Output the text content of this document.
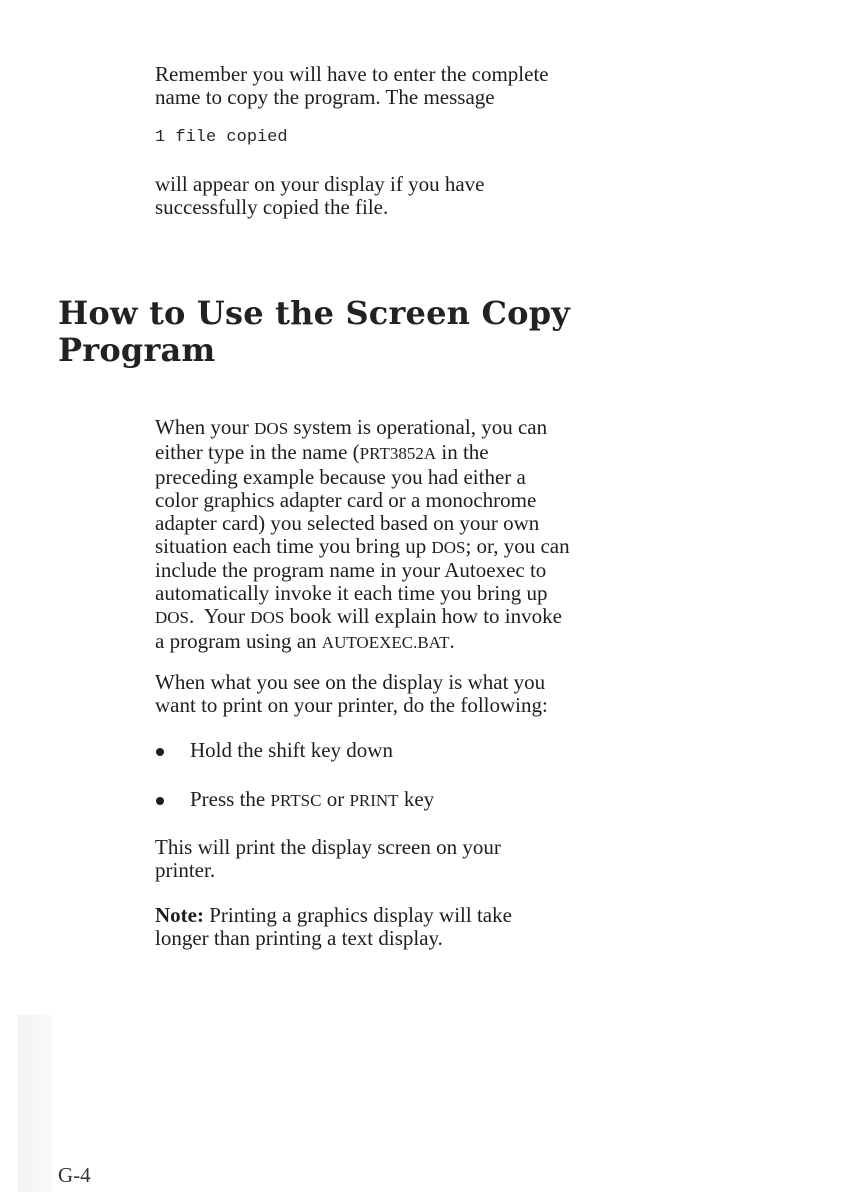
Remember you will have to enter the complete
name to copy the program. The message

1 file copied

will appear on your display if you have
successfully copied the file.

How to Use the Screen Copy
Program
When your DOS system is operational, you can
either type in the name (PRT3852A in the
preceding example because you had either a
color graphics adapter card or a monochrome
adapter card) you selected based on your own
situation each time you bring up DOS; or, you can
include the program name in your Autoexec to
automatically invoke it each time you bring up
DOS.  Your DOS book will explain how to invoke
a program using an AUTOEXEC.BAT.

When what you see on the display is what you
want to print on your printer, do the following:

Hold the shift key down

Press the PRTSC or PRINT key

This will print the display screen on your
printer.

Note: Printing a graphics display will take
longer than printing a text display.

G-4
